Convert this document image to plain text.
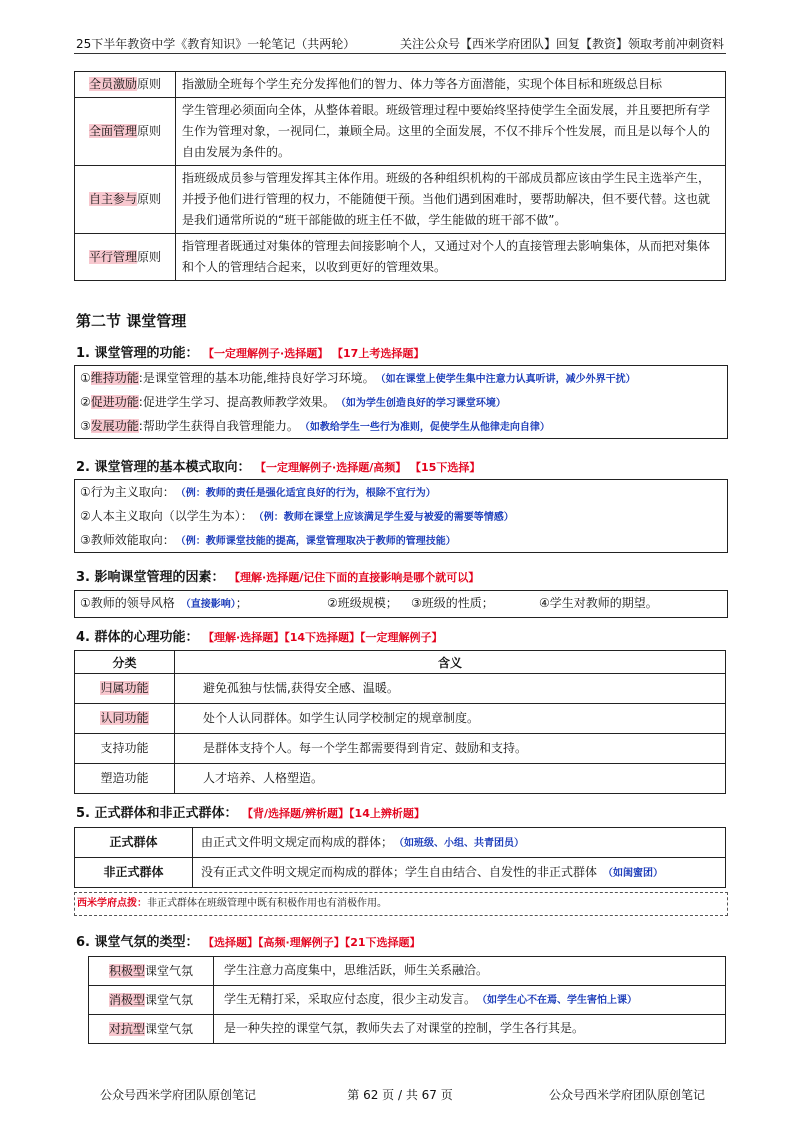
25下半年教资中学《教育知识》一轮笔记（共两轮）	关注公众号【西米学府团队】回复【教资】领取考前冲刺资料
全员激励原则	指激励全班每个学生充分发挥他们的智力、体力等各方面潜能，实现个体目标和班级总目标
全面管理原则	学生管理必须面向全体，从整体着眼。班级管理过程中要始终坚持使学生全面发展，并且要把所有学生作为管理对象，一视同仁，兼顾全局。这里的全面发展，不仅不排斥个性发展，而且是以每个人的自由发展为条件的。
自主参与原则	指班级成员参与管理发挥其主体作用。班级的各种组织机构的干部成员都应该由学生民主选举产生，并授予他们进行管理的权力，不能随便干预。当他们遇到困难时，要帮助解决，但不要代替。这也就是我们通常所说的“班干部能做的班主任不做，学生能做的班干部不做”。
平行管理原则	指管理者既通过对集体的管理去间接影响个人，又通过对个人的直接管理去影响集体，从而把对集体和个人的管理结合起来，以收到更好的管理效果。
第二节 课堂管理
1. 课堂管理的功能： 【一定理解例子·选择题】 【17上考选择题】
①维持功能:是课堂管理的基本功能,维持良好学习环境。 （如在课堂上使学生集中注意力认真听讲，减少外界干扰）
②促进功能:促进学生学习、提高教师教学效果。 （如为学生创造良好的学习课堂环境）
③发展功能:帮助学生获得自我管理能力。 （如教给学生一些行为准则，促使学生从他律走向自律）
2. 课堂管理的基本模式取向： 【一定理解例子·选择题/高频】 【15下选择】
①行为主义取向： （例：教师的责任是强化适宜良好的行为，根除不宜行为）
②人本主义取向（以学生为本）： （例：教师在课堂上应该满足学生爱与被爱的需要等情感）
③教师效能取向： （例：教师课堂技能的提高，课堂管理取决于教师的管理技能）
3. 影响课堂管理的因素： 【理解·选择题/记住下面的直接影响是哪个就可以】
①教师的领导风格 （直接影响）；	②班级规模； ③班级的性质；	④学生对教师的期望。
4. 群体的心理功能： 【理解·选择题】【14下选择题】【一定理解例子】
分类	含义
归属功能	避免孤独与怯懦,获得安全感、温暖。
认同功能	处个人认同群体。如学生认同学校制定的规章制度。
支持功能	是群体支持个人。每一个学生都需要得到肯定、鼓励和支持。
塑造功能	人才培养、人格塑造。
5. 正式群体和非正式群体： 【背/选择题/辨析题】【14上辨析题】
正式群体	由正式文件明文规定而构成的群体； （如班级、小组、共青团员）
非正式群体	没有正式文件明文规定而构成的群体；学生自由结合、自发性的非正式群体 （如闺蜜团）
西米学府点拨：非正式群体在班级管理中既有积极作用也有消极作用。
6. 课堂气氛的类型： 【选择题】【高频·理解例子】【21下选择题】
积极型课堂气氛	学生注意力高度集中，思维活跃，师生关系融洽。
消极型课堂气氛	学生无精打采，采取应付态度，很少主动发言。 （如学生心不在焉、学生害怕上课）
对抗型课堂气氛	是一种失控的课堂气氛，教师失去了对课堂的控制，学生各行其是。
公众号西米学府团队原创笔记	第 62 页 / 共 67 页	公众号西米学府团队原创笔记
